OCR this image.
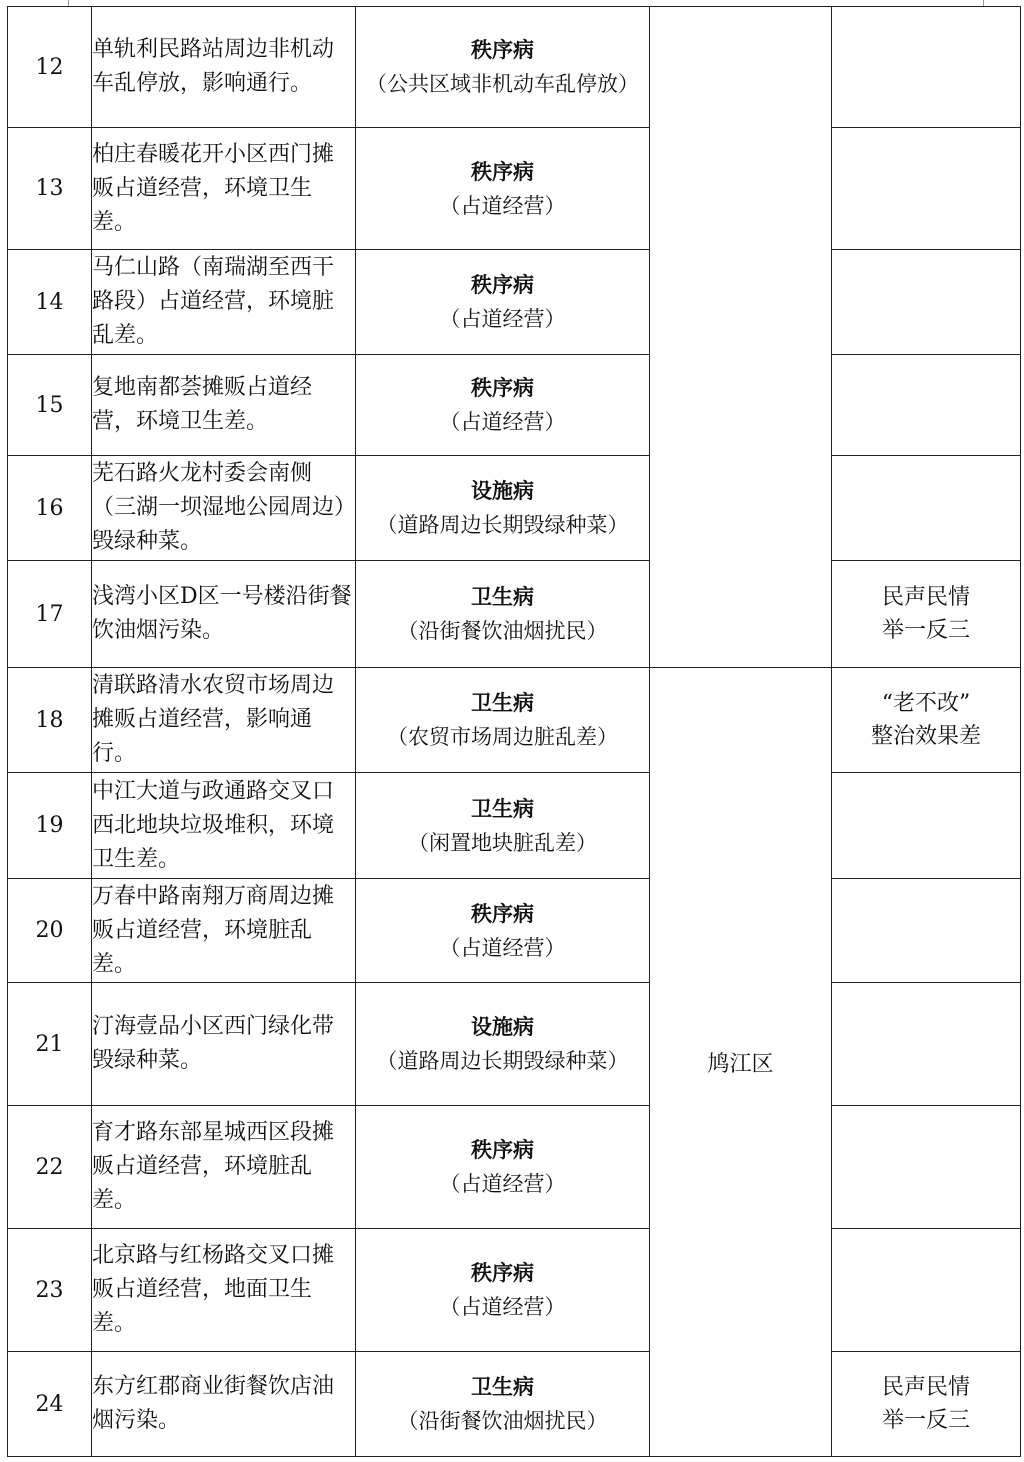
12	单轨利民路站周边非机动车乱停放，影响通行。	秩序病
（公共区域非机动车乱停放）		

13	柏庄春暖花开小区西门摊贩占道经营，环境卫生差。	秩序病
（占道经营）		

14	马仁山路（南瑞湖至西干路段）占道经营，环境脏乱差。	秩序病
（占道经营）		

15	复地南都荟摊贩占道经营，环境卫生差。	秩序病
（占道经营）		

16	芜石路火龙村委会南侧（三湖一坝湿地公园周边）毁绿种菜。	设施病
（道路周边长期毁绿种菜）		

17	浅湾小区D区一号楼沿街餐饮油烟污染。	卫生病
（沿街餐饮油烟扰民）		民声民情
举一反三

18	清联路清水农贸市场周边摊贩占道经营，影响通行。	卫生病
（农贸市场周边脏乱差）	鸠江区	“老不改”
整治效果差

19	中江大道与政通路交叉口西北地块垃圾堆积，环境卫生差。	卫生病
（闲置地块脏乱差）		

20	万春中路南翔万商周边摊贩占道经营，环境脏乱差。	秩序病
（占道经营）		

21	汀海壹品小区西门绿化带毁绿种菜。	设施病
（道路周边长期毁绿种菜）		

22	育才路东部星城西区段摊贩占道经营，环境脏乱差。	秩序病
（占道经营）		

23	北京路与红杨路交叉口摊贩占道经营，地面卫生差。	秩序病
（占道经营）		

24	东方红郡商业街餐饮店油烟污染。	卫生病
（沿街餐饮油烟扰民）		民声民情
举一反三
